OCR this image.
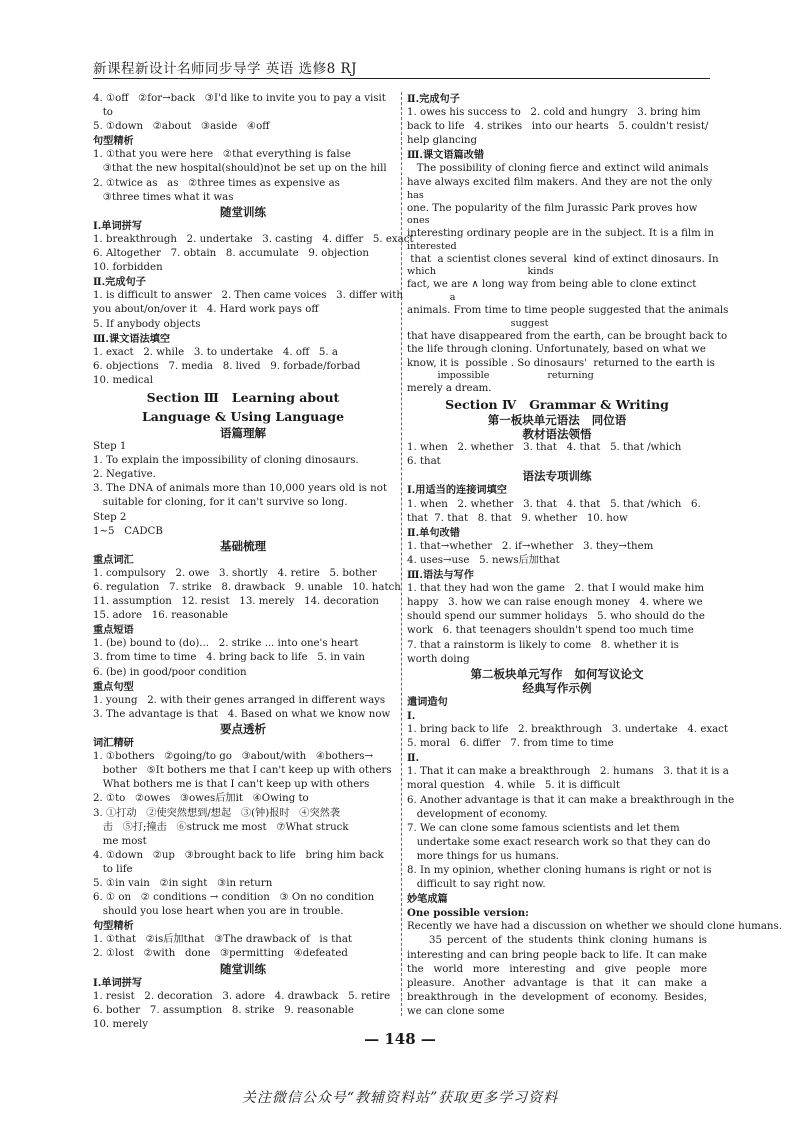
新课程新设计名师同步导学 英语 选修8 RJ
4. ①off   ②for→back   ③I'd like to invite you to pay a visit
to
5. ①down   ②about   ③aside   ④off
句型精析
1. ①that you were here   ②that everything is false
③that the new hospital(should)not be set up on the hill
2. ①twice as   as   ②three times as expensive as
③three times what it was
随堂训练
Ⅰ.单词拼写
1. breakthrough   2. undertake   3. casting   4. differ   5. exact
6. Altogether   7. obtain   8. accumulate   9. objection
10. forbidden
Ⅱ.完成句子
1. is difficult to answer   2. Then came voices   3. differ with
you about/on/over it   4. Hard work pays off
5. If anybody objects
Ⅲ.课文语法填空
1. exact   2. while   3. to undertake   4. off   5. a
6. objections   7. media   8. lived   9. forbade/forbad
10. medical
Section Ⅲ   Learning about
Language & Using Language
语篇理解
Step 1
1. To explain the impossibility of cloning dinosaurs.
2. Negative.
3. The DNA of animals more than 10,000 years old is not
suitable for cloning, for it can't survive so long.
Step 2
1~5   CADCB
基础梳理
重点词汇
1. compulsory   2. owe   3. shortly   4. retire   5. bother
6. regulation   7. strike   8. drawback   9. unable   10. hatch
11. assumption   12. resist   13. merely   14. decoration
15. adore   16. reasonable
重点短语
1. (be) bound to (do)...   2. strike ... into one's heart
3. from time to time   4. bring back to life   5. in vain
6. (be) in good/poor condition
重点句型
1. young   2. with their genes arranged in different ways
3. The advantage is that   4. Based on what we know now
要点透析
词汇精研
1. ①bothers   ②going/to go   ③about/with   ④bothers→
bother   ⑤It bothers me that I can't keep up with others
What bothers me is that I can't keep up with others
2. ①to   ②owes   ③owes后加it   ④Owing to
3. ①打动   ②使突然想到/想起   ③(钟)报时   ④突然袭
击   ⑤打;撞击   ⑥struck me most   ⑦What struck
me most
4. ①down   ②up   ③brought back to life   bring him back
to life
5. ①in vain   ②in sight   ③in return
6. ① on   ② conditions → condition   ③ On no condition
should you lose heart when you are in trouble.
句型精析
1. ①that   ②is后加that   ③The drawback of   is that
2. ①lost   ②with   done   ③permitting   ④defeated
随堂训练
Ⅰ.单词拼写
1. resist   2. decoration   3. adore   4. drawback   5. retire
6. bother   7. assumption   8. strike   9. reasonable
10. merely
Ⅱ.完成句子
1. owes his success to   2. cold and hungry   3. bring him
back to life   4. strikes   into our hearts   5. couldn't resist/
help glancing
Ⅲ.课文语篇改错
The possibility of cloning fierce and extinct wild animals
have always excited film makers. And they are not the only
has
one. The popularity of the film Jurassic Park proves how
ones
interesting ordinary people are in the subject. It is a film in
interested
that  a scientist clones several  kind of extinct dinosaurs. In
which                              kinds
fact, we are ∧ long way from being able to clone extinct
a
animals. From time to time people suggested that the animals
suggest
that have disappeared from the earth, can be brought back to
the life through cloning. Unfortunately, based on what we
know, it is  possible . So dinosaurs'  returned to the earth is
impossible                   returning
merely a dream.
Section Ⅳ   Grammar & Writing
第一板块单元语法   同位语
教材语法领悟
1. when   2. whether   3. that   4. that   5. that /which
6. that
语法专项训练
Ⅰ.用适当的连接词填空
1. when   2. whether   3. that   4. that   5. that /which   6.
that  7. that   8. that   9. whether   10. how
Ⅱ.单句改错
1. that→whether   2. if→whether   3. they→them
4. uses→use   5. news后加that
Ⅲ.语法与写作
1. that they had won the game   2. that I would make him
happy   3. how we can raise enough money   4. where we
should spend our summer holidays   5. who should do the
work   6. that teenagers shouldn't spend too much time
7. that a rainstorm is likely to come   8. whether it is
worth doing
第二板块单元写作   如何写议论文
经典写作示例
遣词造句
Ⅰ.
1. bring back to life   2. breakthrough   3. undertake   4. exact
5. moral   6. differ   7. from time to time
Ⅱ.
1. That it can make a breakthrough   2. humans   3. that it is a
moral question   4. while   5. it is difficult
6. Another advantage is that it can make a breakthrough in the
development of economy.
7. We can clone some famous scientists and let them
undertake some exact research work so that they can do
more things for us humans.
8. In my opinion, whether cloning humans is right or not is
difficult to say right now.
妙笔成篇
One possible version:
Recently we have had a discussion on whether we should clone humans.
35 percent of the students think cloning humans is interesting and can bring people back to life. It can make the world more interesting and give people more pleasure. Another advantage is that it can make a breakthrough in the development of economy. Besides, we can clone some
— 148 —
关注微信公众号“教辅资料站”获取更多学习资料
